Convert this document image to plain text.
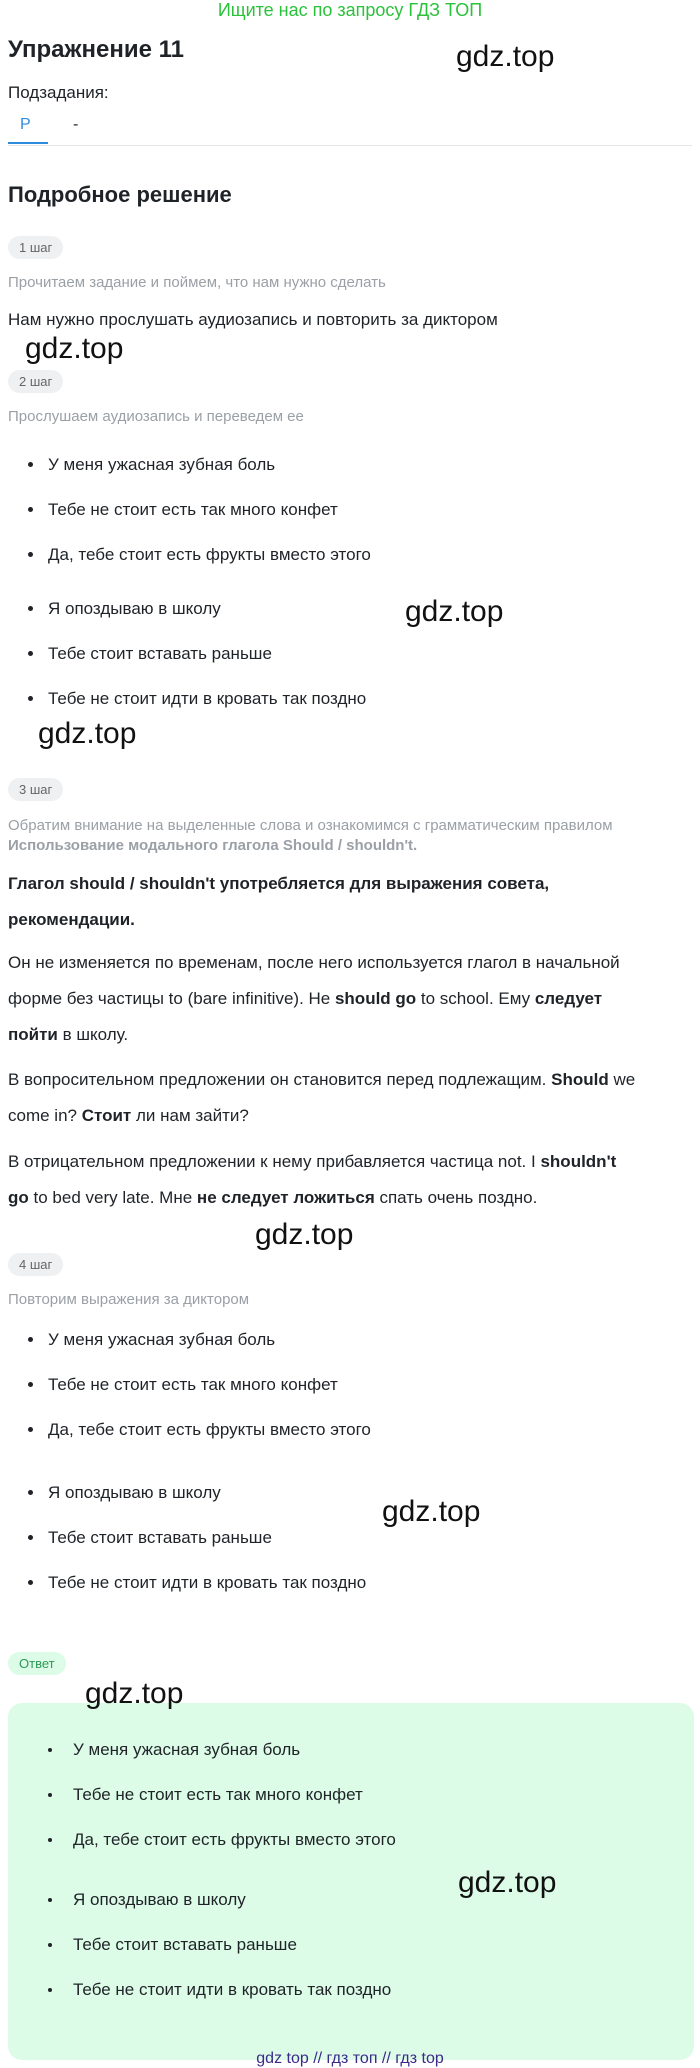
Ищите нас по запросу ГДЗ ТОП
Упражнение 11	gdz.top
Подзадания:
Р	-
Подробное решение
1 шаг
Прочитаем задание и поймем, что нам нужно сделать
Нам нужно прослушать аудиозапись и повторить за диктором
gdz.top
2 шаг
Прослушаем аудиозапись и переведем ее
У меня ужасная зубная боль
Тебе не стоит есть так много конфет
Да, тебе стоит есть фрукты вместо этого
Я опоздываю в школу
Тебе стоит вставать раньше
Тебе не стоит идти в кровать так поздно
gdz.top
gdz.top
3 шаг
Обратим внимание на выделенные слова и ознакомимся с грамматическим правилом
Использование модального глагола Should / shouldn't.
Глагол should / shouldn't употребляется для выражения совета,
рекомендации.
Он не изменяется по временам, после него используется глагол в начальной
форме без частицы to (bare infinitive). He should go to school. Ему следует
пойти в школу.
В вопросительном предложении он становится перед подлежащим. Should we
come in? Стоит ли нам зайти?
В отрицательном предложении к нему прибавляется частица not. I shouldn't
go to bed very late. Мне не следует ложиться спать очень поздно.
gdz.top
4 шаг
Повторим выражения за диктором
У меня ужасная зубная боль
Тебе не стоит есть так много конфет
Да, тебе стоит есть фрукты вместо этого
Я опоздываю в школу
Тебе стоит вставать раньше
Тебе не стоит идти в кровать так поздно
gdz.top
Ответ
У меня ужасная зубная боль
Тебе не стоит есть так много конфет
Да, тебе стоит есть фрукты вместо этого
Я опоздываю в школу
Тебе стоит вставать раньше
Тебе не стоит идти в кровать так поздно
gdz.top
gdz.top
gdz top // гдз топ // гдз top
